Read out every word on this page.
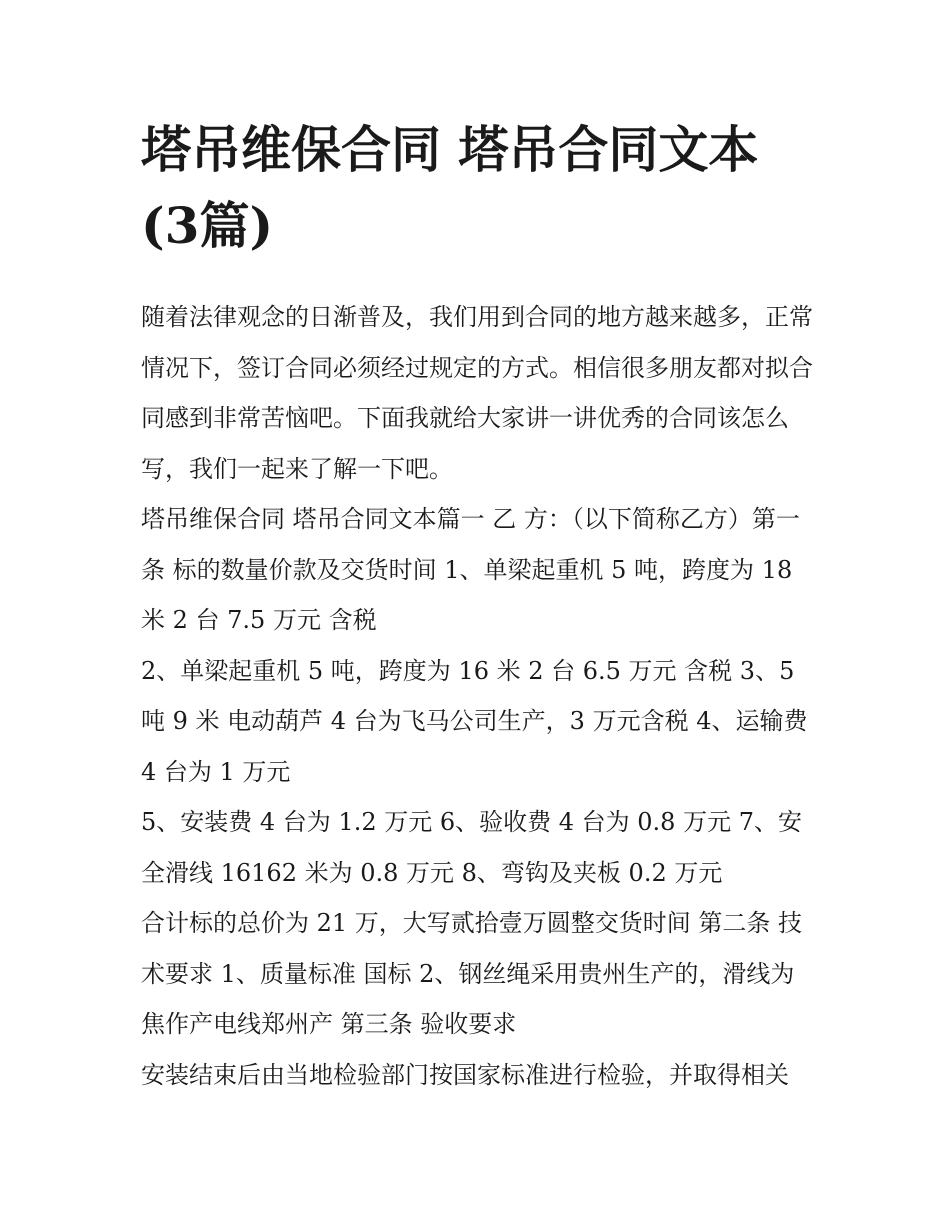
塔吊维保合同 塔吊合同文本(3篇)

随着法律观念的日渐普及，我们用到合同的地方越来越多，正常情况下，签订合同必须经过规定的方式。相信很多朋友都对拟合同感到非常苦恼吧。下面我就给大家讲一讲优秀的合同该怎么写，我们一起来了解一下吧。

塔吊维保合同 塔吊合同文本篇一 乙 方：（以下简称乙方）第一条 标的数量价款及交货时间 1、单梁起重机 5 吨，跨度为 18 米 2 台 7.5 万元 含税

2、单梁起重机 5 吨，跨度为 16 米 2 台 6.5 万元 含税 3、5 吨 9 米 电动葫芦 4 台为飞马公司生产，3 万元含税 4、运输费 4 台为 1 万元

5、安装费 4 台为 1.2 万元 6、验收费 4 台为 0.8 万元 7、安全滑线 16162 米为 0.8 万元 8、弯钩及夹板 0.2 万元

合计标的总价为 21 万，大写贰拾壹万圆整交货时间 第二条 技术要求 1、质量标准 国标 2、钢丝绳采用贵州生产的，滑线为焦作产电线郑州产 第三条 验收要求

安装结束后由当地检验部门按国家标准进行检验，并取得相关
